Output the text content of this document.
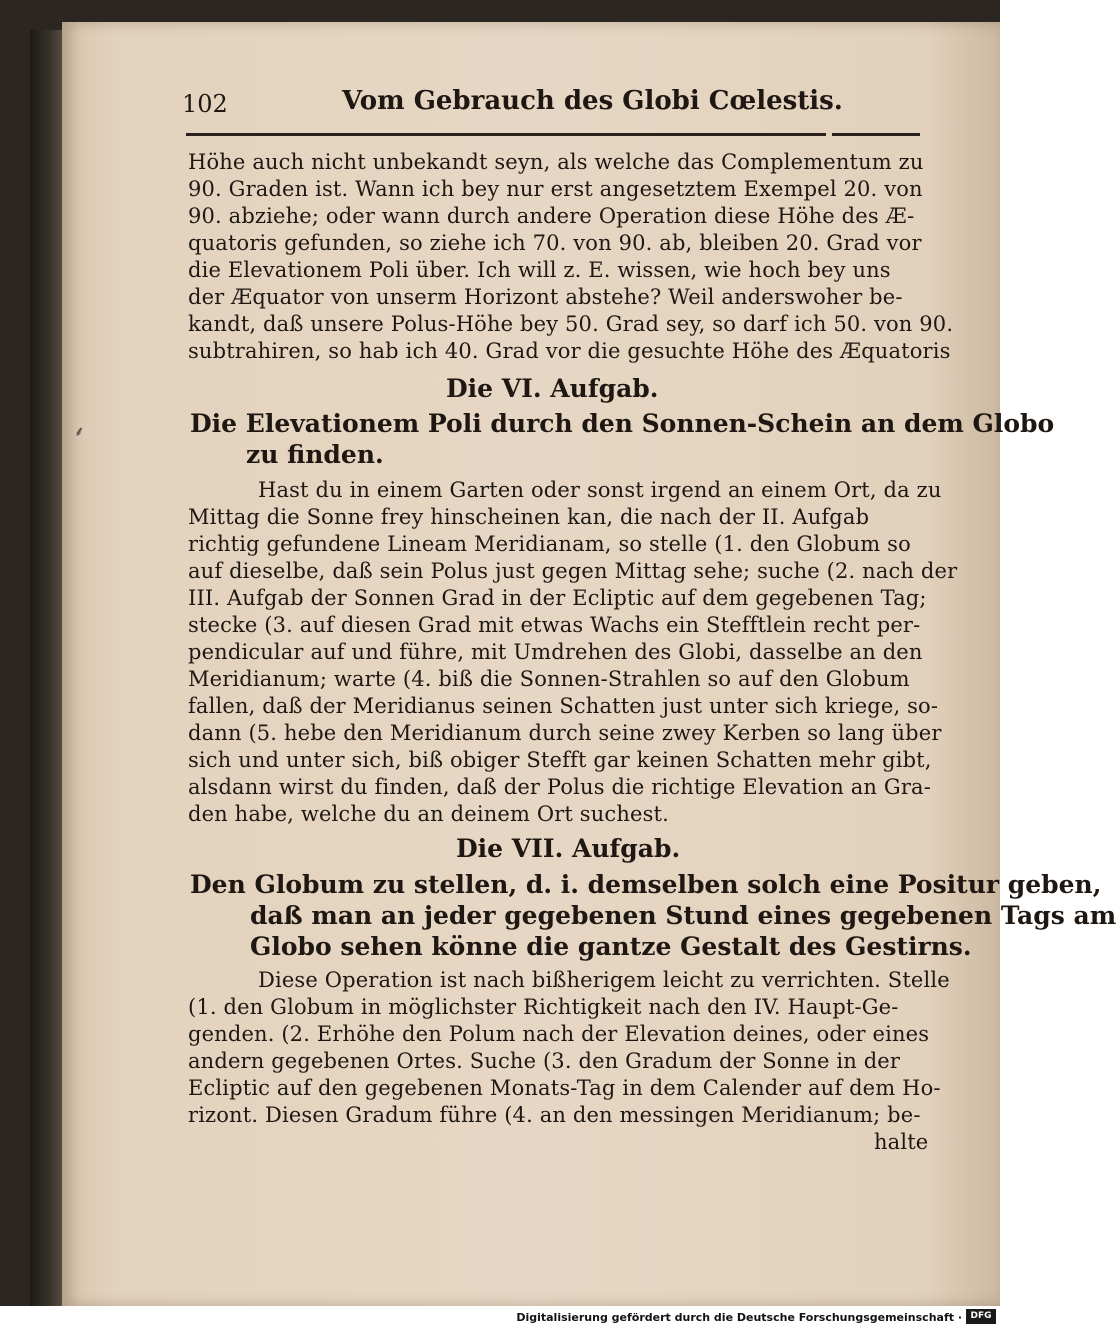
102	Vom Gebrauch des Globi Cœlestis.
Höhe auch nicht unbekandt seyn, als welche das Complementum zu
90. Graden ist. Wann ich bey nur erst angesetztem Exempel 20. von
90. abziehe; oder wann durch andere Operation diese Höhe des Æ-
quatoris gefunden, so ziehe ich 70. von 90. ab, bleiben 20. Grad vor
die Elevationem Poli über. Ich will z. E. wissen, wie hoch bey uns
der Æquator von unserm Horizont abstehe? Weil anderswoher be-
kandt, daß unsere Polus-Höhe bey 50. Grad sey, so darf ich 50. von 90.
subtrahiren, so hab ich 40. Grad vor die gesuchte Höhe des Æquatoris
Die VI. Aufgab.
Die Elevationem Poli durch den Sonnen-Schein an dem Globo
zu finden.
Hast du in einem Garten oder sonst irgend an einem Ort, da zu
Mittag die Sonne frey hinscheinen kan, die nach der II. Aufgab
richtig gefundene Lineam Meridianam, so stelle (1. den Globum so
auf dieselbe, daß sein Polus just gegen Mittag sehe; suche (2. nach der
III. Aufgab der Sonnen Grad in der Ecliptic auf dem gegebenen Tag;
stecke (3. auf diesen Grad mit etwas Wachs ein Stefftlein recht per-
pendicular auf und führe, mit Umdrehen des Globi, dasselbe an den
Meridianum; warte (4. biß die Sonnen-Strahlen so auf den Globum
fallen, daß der Meridianus seinen Schatten just unter sich kriege, so-
dann (5. hebe den Meridianum durch seine zwey Kerben so lang über
sich und unter sich, biß obiger Stefft gar keinen Schatten mehr gibt,
alsdann wirst du finden, daß der Polus die richtige Elevation an Gra-
den habe, welche du an deinem Ort suchest.
Die VII. Aufgab.
Den Globum zu stellen, d. i. demselben solch eine Positur geben,
daß man an jeder gegebenen Stund eines gegebenen Tags am
Globo sehen könne die gantze Gestalt des Gestirns.
Diese Operation ist nach bißherigem leicht zu verrichten. Stelle
(1. den Globum in möglichster Richtigkeit nach den IV. Haupt-Ge-
genden. (2. Erhöhe den Polum nach der Elevation deines, oder eines
andern gegebenen Ortes. Suche (3. den Gradum der Sonne in der
Ecliptic auf den gegebenen Monats-Tag in dem Calender auf dem Ho-
rizont. Diesen Gradum führe (4. an den messingen Meridianum; be-
halte
⸙
Digitalisierung gefördert durch die Deutsche Forschungsgemeinschaft · DFG
